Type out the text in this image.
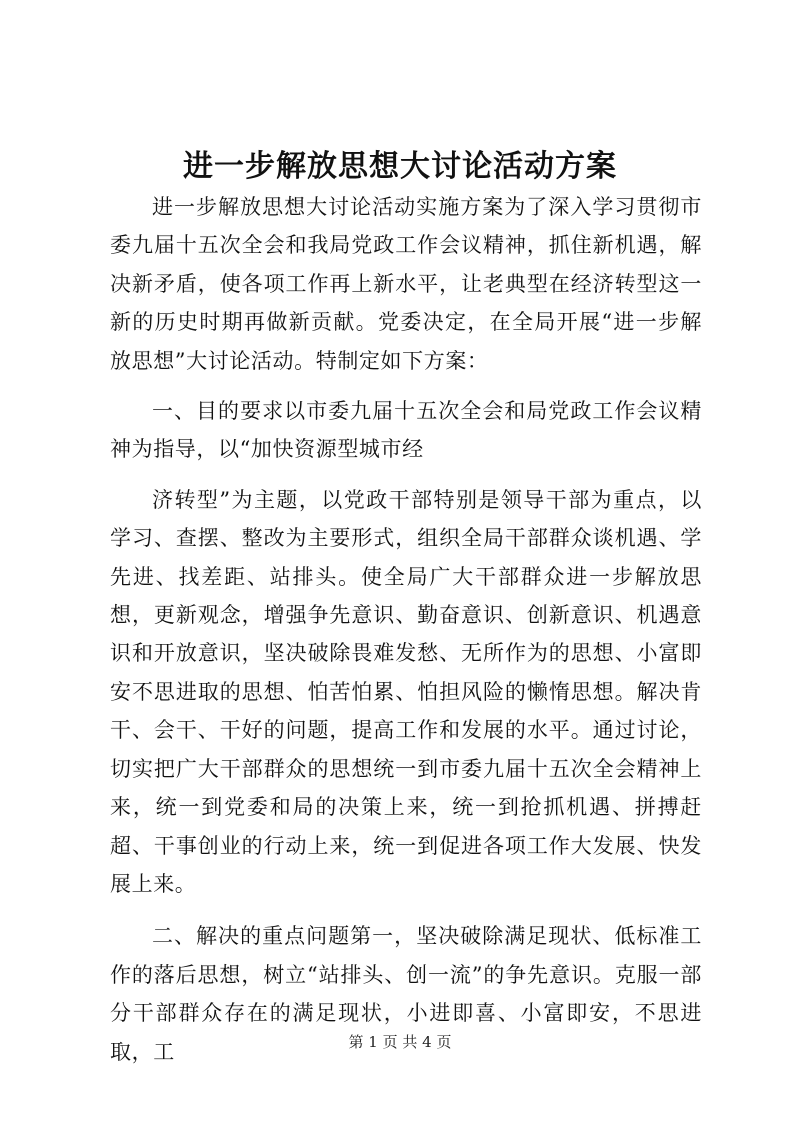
进一步解放思想大讨论活动方案

进一步解放思想大讨论活动实施方案为了深入学习贯彻市委九届十五次全会和我局党政工作会议精神，抓住新机遇，解决新矛盾，使各项工作再上新水平，让老典型在经济转型这一新的历史时期再做新贡献。党委决定，在全局开展“进一步解放思想”大讨论活动。特制定如下方案：

一、目的要求以市委九届十五次全会和局党政工作会议精神为指导，以“加快资源型城市经

济转型”为主题，以党政干部特别是领导干部为重点，以学习、查摆、整改为主要形式，组织全局干部群众谈机遇、学先进、找差距、站排头。使全局广大干部群众进一步解放思想，更新观念，增强争先意识、勤奋意识、创新意识、机遇意识和开放意识，坚决破除畏难发愁、无所作为的思想、小富即安不思进取的思想、怕苦怕累、怕担风险的懒惰思想。解决肯干、会干、干好的问题，提高工作和发展的水平。通过讨论，切实把广大干部群众的思想统一到市委九届十五次全会精神上来，统一到党委和局的决策上来，统一到抢抓机遇、拼搏赶超、干事创业的行动上来，统一到促进各项工作大发展、快发展上来。

二、解决的重点问题第一，坚决破除满足现状、低标准工作的落后思想，树立“站排头、创一流”的争先意识。克服一部分干部群众存在的满足现状，小进即喜、小富即安，不思进取，工	第 1 页 共 4 页
